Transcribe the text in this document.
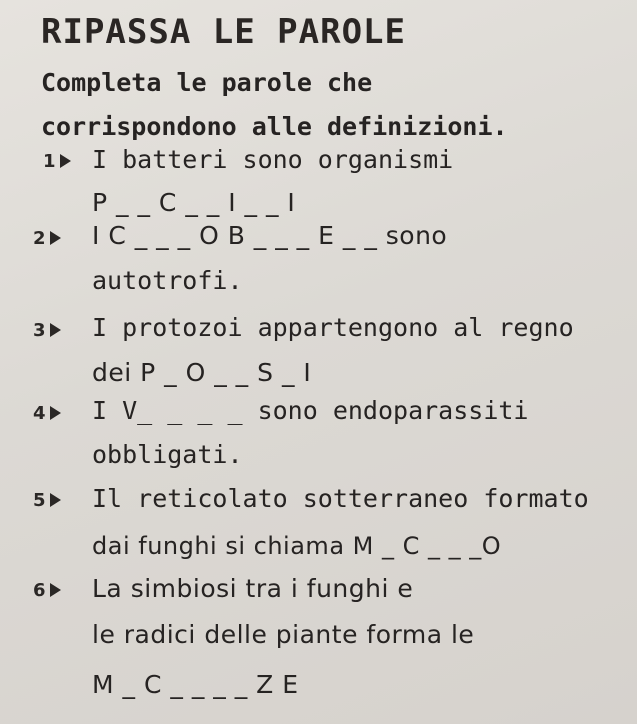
RIPASSA LE PAROLE
Completa le parole che
corrispondono alle definizioni.
1	I batteri sono organismi
P _ _ C _ _ I _ _ I
2	I C _ _ _ O B _ _ _ E _ _ sono
autotrofi.
3	I protozoi appartengono al regno
dei P _ O _ _ S _ I
4	I V_ _ _ _ sono endoparassiti
obbligati.
5	Il reticolato sotterraneo formato
dai funghi si chiama M _ C _ _ _O
6	La simbiosi tra i funghi e
le radici delle piante forma le
M _ C _ _ _ _ Z E
